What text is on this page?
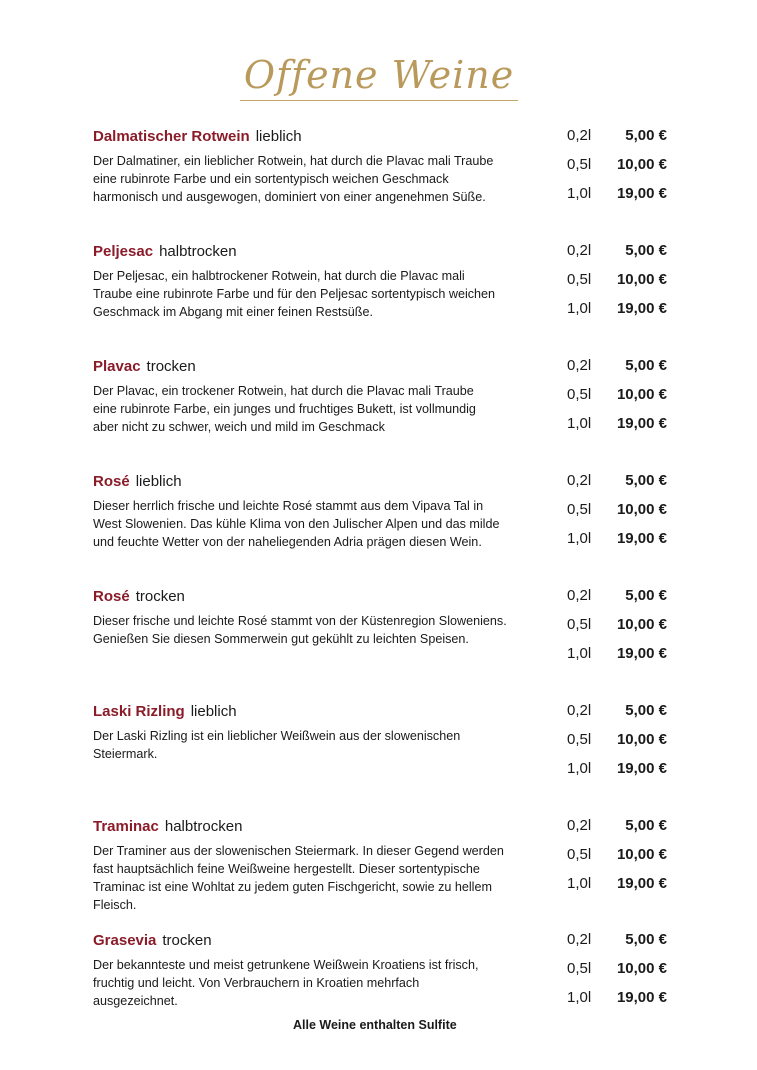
Offene Weine
Dalmatischer Rotwein lieblich
Der Dalmatiner, ein lieblicher Rotwein, hat durch die Plavac mali Traube
eine rubinrote Farbe und ein sortentypisch weichen Geschmack
harmonisch und ausgewogen, dominiert von einer angenehmen Süße.
0,2l 5,00 €
0,5l 10,00 €
1,0l 19,00 €
Peljesac halbtrocken
Der Peljesac, ein halbtrockener Rotwein, hat durch die Plavac mali
Traube eine rubinrote Farbe und für den Peljesac sortentypisch weichen
Geschmack im Abgang mit einer feinen Restsüße.
0,2l 5,00 €
0,5l 10,00 €
1,0l 19,00 €
Plavac trocken
Der Plavac, ein trockener Rotwein, hat durch die Plavac mali Traube
eine rubinrote Farbe, ein junges und fruchtiges Bukett, ist vollmundig
aber nicht zu schwer, weich und mild im Geschmack
0,2l 5,00 €
0,5l 10,00 €
1,0l 19,00 €
Rosé lieblich
Dieser herrlich frische und leichte Rosé stammt aus dem Vipava Tal in
West Slowenien. Das kühle Klima von den Julischer Alpen und das milde
und feuchte Wetter von der naheliegenden Adria prägen diesen Wein.
0,2l 5,00 €
0,5l 10,00 €
1,0l 19,00 €
Rosé trocken
Dieser frische und leichte Rosé stammt von der Küstenregion Sloweniens.
Genießen Sie diesen Sommerwein gut gekühlt zu leichten Speisen.
0,2l 5,00 €
0,5l 10,00 €
1,0l 19,00 €
Laski Rizling lieblich
Der Laski Rizling ist ein lieblicher Weißwein aus der slowenischen
Steiermark.
0,2l 5,00 €
0,5l 10,00 €
1,0l 19,00 €
Traminac halbtrocken
Der Traminer aus der slowenischen Steiermark. In dieser Gegend werden
fast hauptsächlich feine Weißweine hergestellt. Dieser sortentypische
Traminac ist eine Wohltat zu jedem guten Fischgericht, sowie zu hellem
Fleisch.
0,2l 5,00 €
0,5l 10,00 €
1,0l 19,00 €
Grasevia trocken
Der bekannteste und meist getrunkene Weißwein Kroatiens ist frisch,
fruchtig und leicht. Von Verbrauchern in Kroatien mehrfach
ausgezeichnet.
0,2l 5,00 €
0,5l 10,00 €
1,0l 19,00 €
Alle Weine enthalten Sulfite
